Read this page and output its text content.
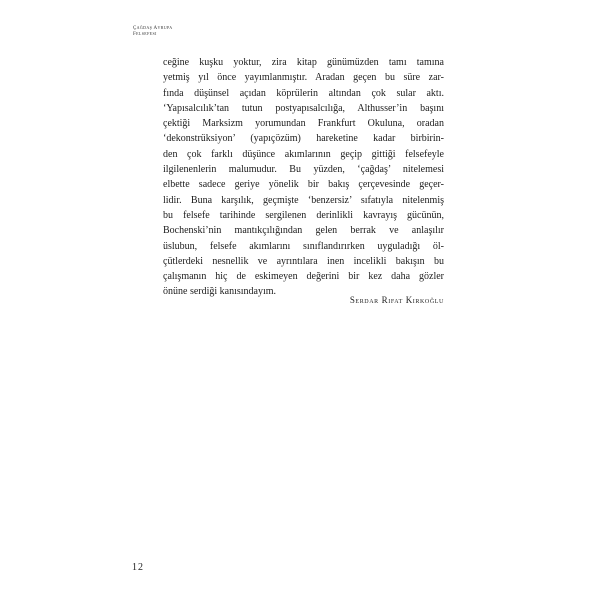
Çağdaş Avrupa
Felsefesi
ceğine kuşku yoktur, zira kitap günümüzden tamı tamına
yetmiş yıl önce yayımlanmıştır. Aradan geçen bu süre zar-
fında düşünsel açıdan köprülerin altından çok sular aktı.
‘Yapısalcılık’tan tutun postyapısalcılığa, Althusser’in başını
çektiği Marksizm yorumundan Frankfurt Okuluna, oradan
‘dekonstrüksiyon’ (yapıçözüm) hareketine kadar birbirin-
den çok farklı düşünce akımlarının geçip gittiği felsefeyle
ilgilenenlerin malumudur. Bu yüzden, ‘çağdaş’ nitelemesi
elbette sadece geriye yönelik bir bakış çerçevesinde geçer-
lidir. Buna karşılık, geçmişte ‘benzersiz’ sıfatıyla nitelenmiş
bu felsefe tarihinde sergilenen derinlikli kavrayış gücünün,
Bochenski’nin mantıkçılığından gelen berrak ve anlaşılır
üslubun, felsefe akımlarını sınıflandırırken uyguladığı öl-
çütlerdeki nesnellik ve ayrıntılara inen incelikli bakışın bu
çalışmanın hiç de eskimeyen değerini bir kez daha gözler
önüne serdiği kanısındayım.
Serdar Rifat Kirkoğlu
12
